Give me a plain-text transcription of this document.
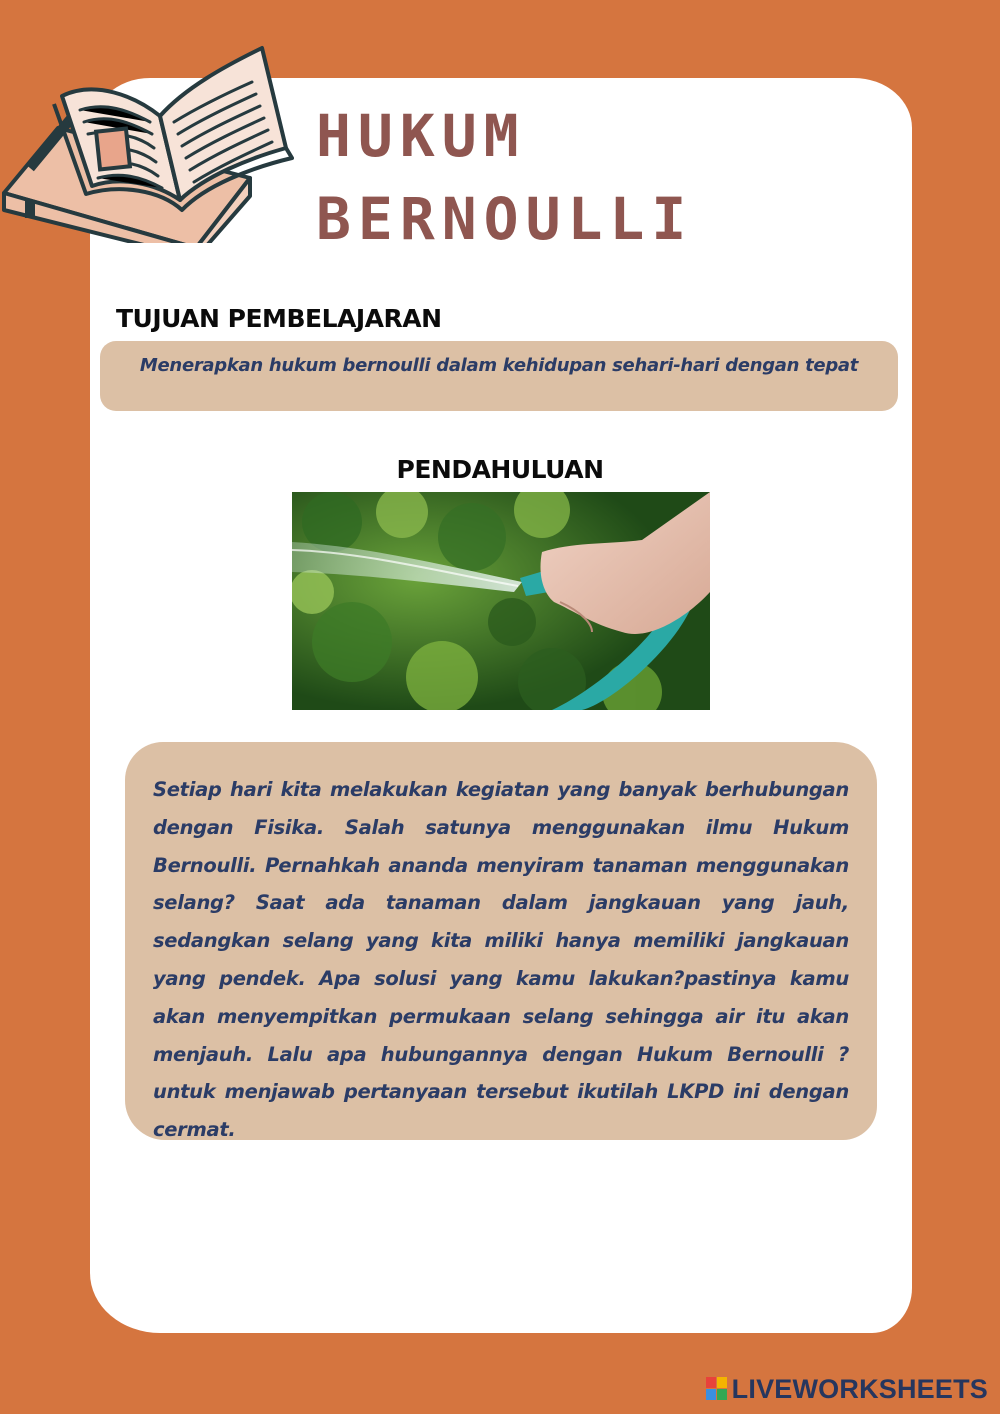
HUKUM
BERNOULLI
TUJUAN PEMBELAJARAN
Menerapkan hukum bernoulli dalam kehidupan sehari-hari dengan tepat
PENDAHULUAN
Setiap hari kita melakukan kegiatan yang banyak berhubungan dengan Fisika. Salah satunya menggunakan ilmu Hukum Bernoulli. Pernahkah ananda menyiram tanaman menggunakan selang? Saat ada tanaman dalam jangkauan yang jauh, sedangkan selang yang kita miliki hanya memiliki jangkauan yang pendek. Apa solusi yang kamu lakukan?pastinya kamu akan menyempitkan permukaan selang sehingga air itu akan menjauh. Lalu apa hubungannya dengan Hukum Bernoulli ? untuk menjawab pertanyaan tersebut ikutilah LKPD ini dengan cermat.
LIVEWORKSHEETS
